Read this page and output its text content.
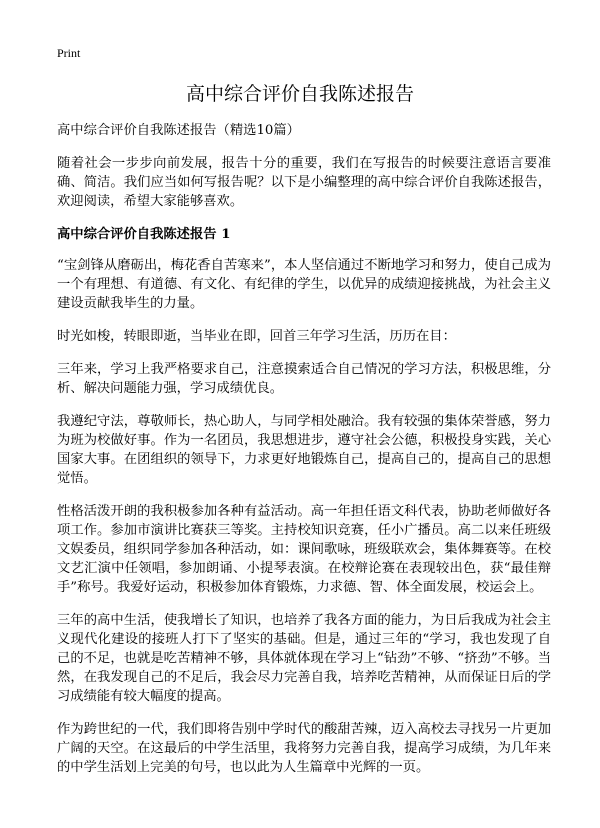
Print
高中综合评价自我陈述报告

高中综合评价自我陈述报告（精选10篇）

随着社会一步步向前发展，报告十分的重要，我们在写报告的时候要注意语言要准确、简洁。我们应当如何写报告呢？以下是小编整理的高中综合评价自我陈述报告，欢迎阅读，希望大家能够喜欢。

高中综合评价自我陈述报告 1

“宝剑锋从磨砺出，梅花香自苦寒来”，本人坚信通过不断地学习和努力，使自己成为一个有理想、有道德、有文化、有纪律的学生，以优异的成绩迎接挑战，为社会主义建设贡献我毕生的力量。

时光如梭，转眼即逝，当毕业在即，回首三年学习生活，历历在目：

三年来，学习上我严格要求自己，注意摸索适合自己情况的学习方法，积极思维，分析、解决问题能力强，学习成绩优良。

我遵纪守法，尊敬师长，热心助人，与同学相处融洽。我有较强的集体荣誉感，努力为班为校做好事。作为一名团员，我思想进步，遵守社会公德，积极投身实践，关心国家大事。在团组织的领导下，力求更好地锻炼自己，提高自己的，提高自己的思想觉悟。

性格活泼开朗的我积极参加各种有益活动。高一年担任语文科代表，协助老师做好各项工作。参加市演讲比赛获三等奖。主持校知识竞赛，任小广播员。高二以来任班级文娱委员，组织同学参加各种活动，如：课间歌咏，班级联欢会，集体舞赛等。在校文艺汇演中任领唱，参加朗诵、小提琴表演。在校辩论赛在表现较出色，获“最佳辩手”称号。我爱好运动，积极参加体育锻炼，力求德、智、体全面发展，校运会上。

三年的高中生活，使我增长了知识，也培养了我各方面的能力，为日后我成为社会主义现代化建设的接班人打下了坚实的基础。但是，通过三年的“学习，我也发现了自己的不足，也就是吃苦精神不够，具体就体现在学习上“钻劲”不够、“挤劲”不够。当然，在我发现自己的不足后，我会尽力完善自我，培养吃苦精神，从而保证日后的学习成绩能有较大幅度的提高。

作为跨世纪的一代，我们即将告别中学时代的酸甜苦辣，迈入高校去寻找另一片更加广阔的天空。在这最后的中学生活里，我将努力完善自我，提高学习成绩，为几年来的中学生活划上完美的句号，也以此为人生篇章中光辉的一页。
